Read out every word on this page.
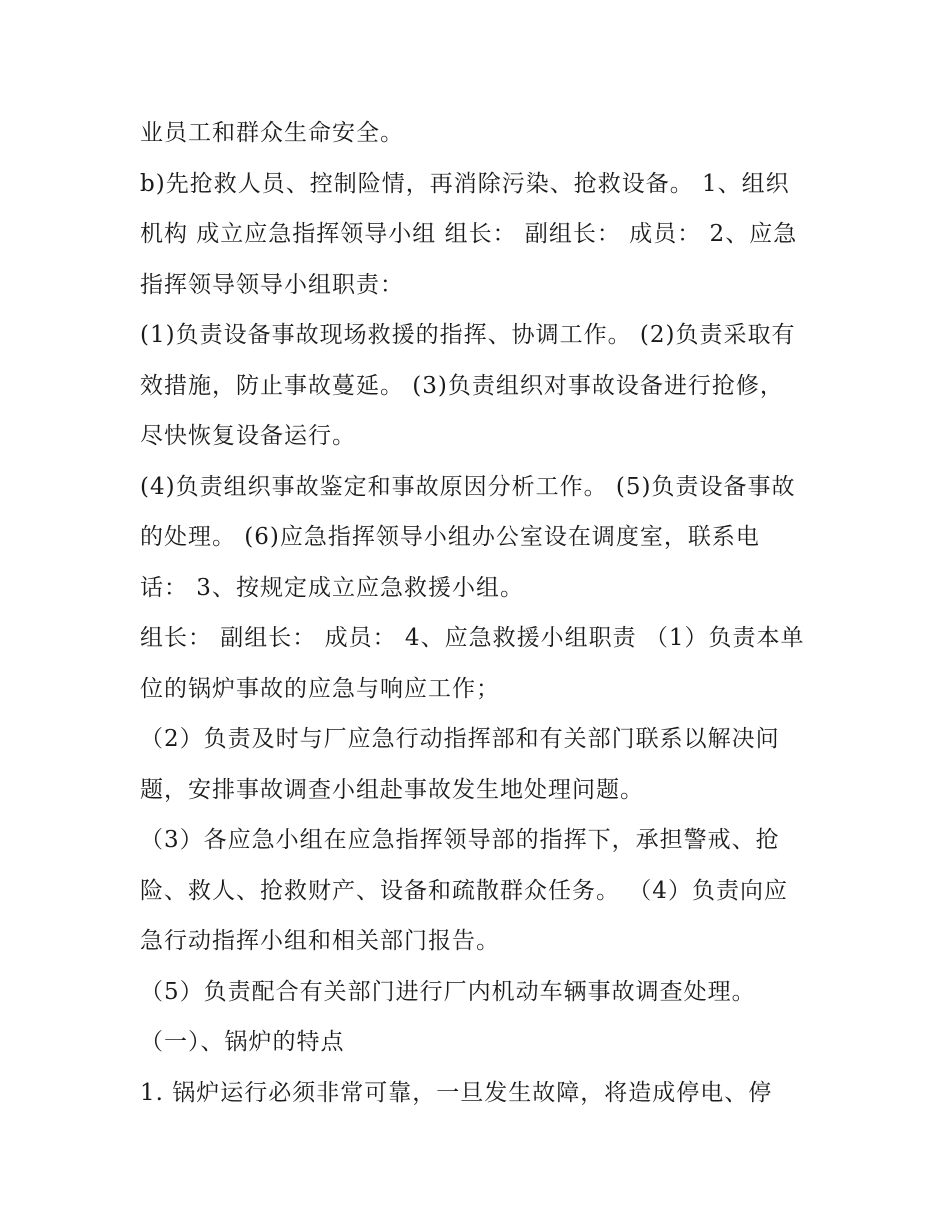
业员工和群众生命安全。
b)先抢救人员、控制险情，再消除污染、抢救设备。 1、组织
机构 成立应急指挥领导小组 组长： 副组长： 成员： 2、应急
指挥领导领导小组职责：
(1)负责设备事故现场救援的指挥、协调工作。 (2)负责采取有
效措施，防止事故蔓延。 (3)负责组织对事故设备进行抢修，
尽快恢复设备运行。
(4)负责组织事故鉴定和事故原因分析工作。 (5)负责设备事故
的处理。 (6)应急指挥领导小组办公室设在调度室，联系电
话： 3、按规定成立应急救援小组。
组长： 副组长： 成员： 4、应急救援小组职责 （1）负责本单
位的锅炉事故的应急与响应工作；
（2）负责及时与厂应急行动指挥部和有关部门联系以解决问
题，安排事故调查小组赴事故发生地处理问题。
（3）各应急小组在应急指挥领导部的指挥下，承担警戒、抢
险、救人、抢救财产、设备和疏散群众任务。 （4）负责向应
急行动指挥小组和相关部门报告。
（5）负责配合有关部门进行厂内机动车辆事故调查处理。
（一）、锅炉的特点
1. 锅炉运行必须非常可靠，一旦发生故障，将造成停电、停
